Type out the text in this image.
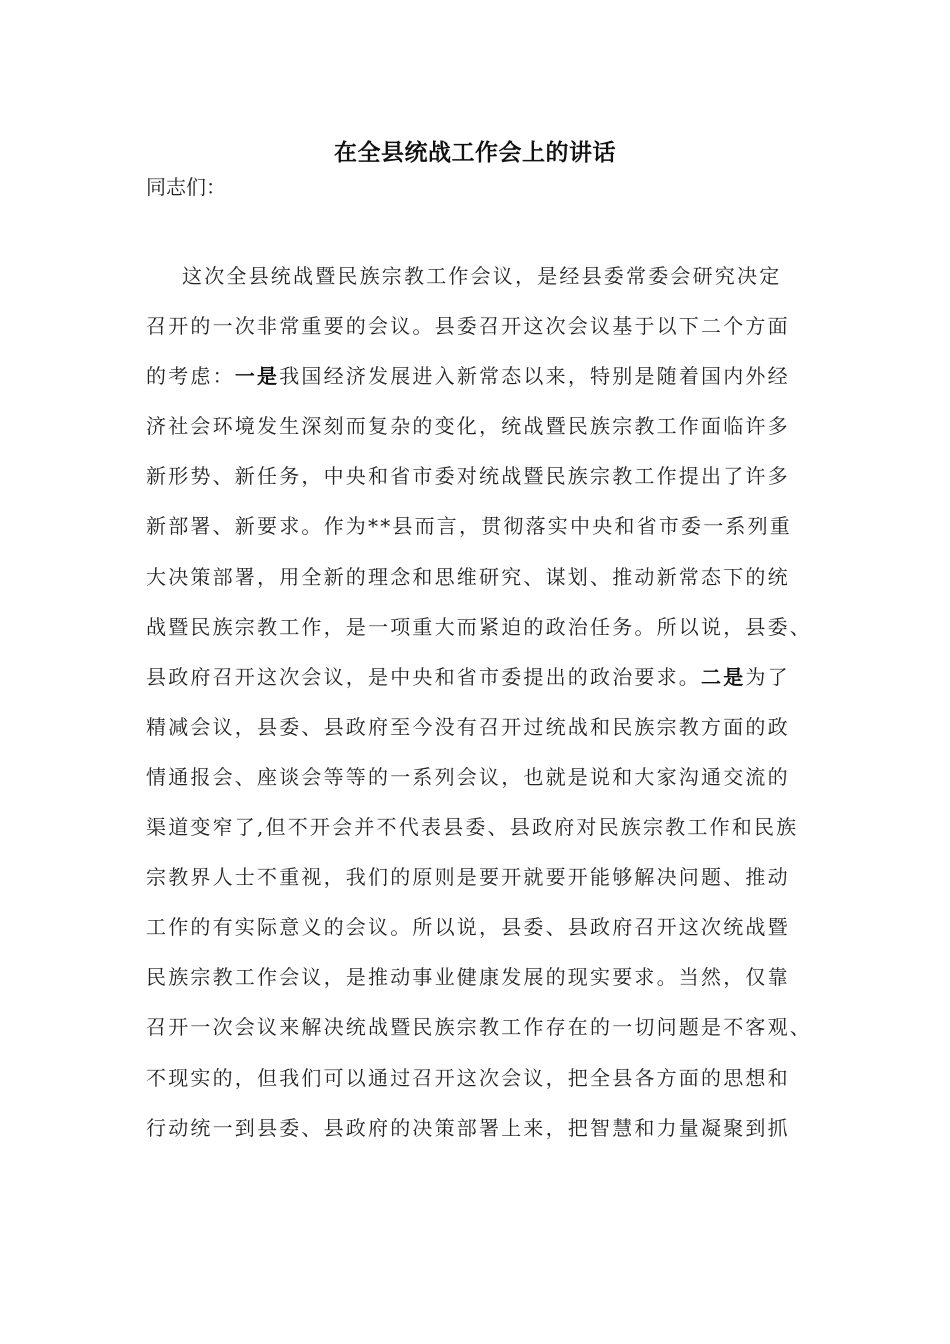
在全县统战工作会上的讲话
同志们：
这次全县统战暨民族宗教工作会议，是经县委常委会研究决定
召开的一次非常重要的会议。县委召开这次会议基于以下二个方面
的考虑：一是我国经济发展进入新常态以来，特别是随着国内外经
济社会环境发生深刻而复杂的变化，统战暨民族宗教工作面临许多
新形势、新任务，中央和省市委对统战暨民族宗教工作提出了许多
新部署、新要求。作为**县而言，贯彻落实中央和省市委一系列重
大决策部署，用全新的理念和思维研究、谋划、推动新常态下的统
战暨民族宗教工作，是一项重大而紧迫的政治任务。所以说，县委、
县政府召开这次会议，是中央和省市委提出的政治要求。二是为了
精减会议，县委、县政府至今没有召开过统战和民族宗教方面的政
情通报会、座谈会等等的一系列会议，也就是说和大家沟通交流的
渠道变窄了,但不开会并不代表县委、县政府对民族宗教工作和民族
宗教界人士不重视，我们的原则是要开就要开能够解决问题、推动
工作的有实际意义的会议。所以说，县委、县政府召开这次统战暨
民族宗教工作会议，是推动事业健康发展的现实要求。当然，仅靠
召开一次会议来解决统战暨民族宗教工作存在的一切问题是不客观、
不现实的，但我们可以通过召开这次会议，把全县各方面的思想和
行动统一到县委、县政府的决策部署上来，把智慧和力量凝聚到抓
